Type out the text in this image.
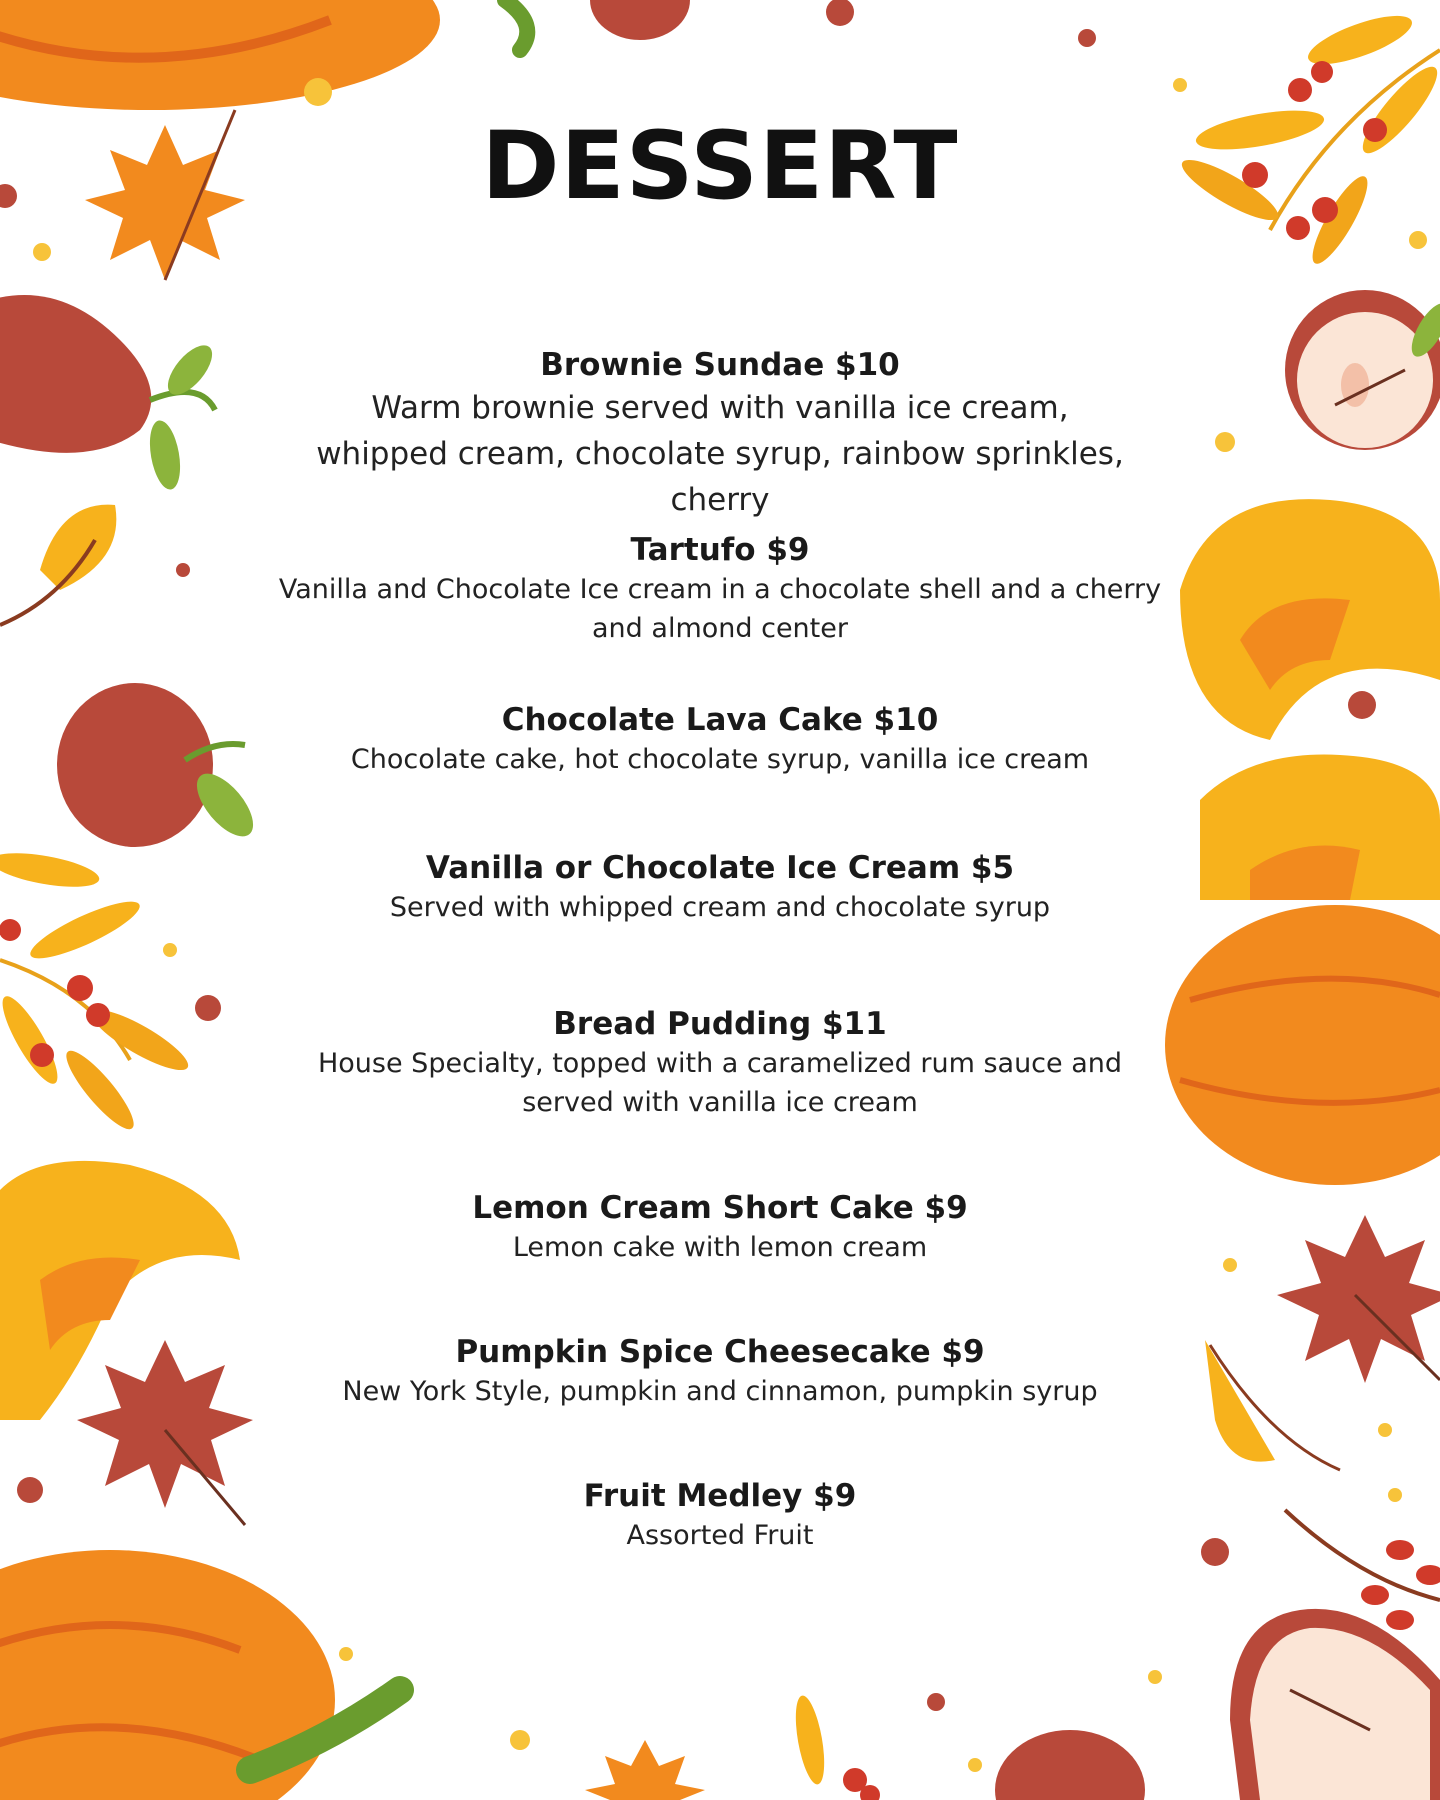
DESSERT
Brownie Sundae $10
Warm brownie served with vanilla ice cream, whipped cream, chocolate syrup, rainbow sprinkles, cherry
Tartufo $9
Vanilla and Chocolate Ice cream in a chocolate shell and a cherry and almond center
Chocolate Lava Cake $10
Chocolate cake, hot chocolate syrup, vanilla ice cream
Vanilla or Chocolate Ice Cream $5
Served with whipped cream and chocolate syrup
Bread Pudding $11
House Specialty, topped with a caramelized rum sauce and served with vanilla ice cream
Lemon Cream Short Cake $9
Lemon cake with lemon cream
Pumpkin Spice Cheesecake $9
New York Style, pumpkin and cinnamon, pumpkin syrup
Fruit Medley $9
Assorted Fruit
